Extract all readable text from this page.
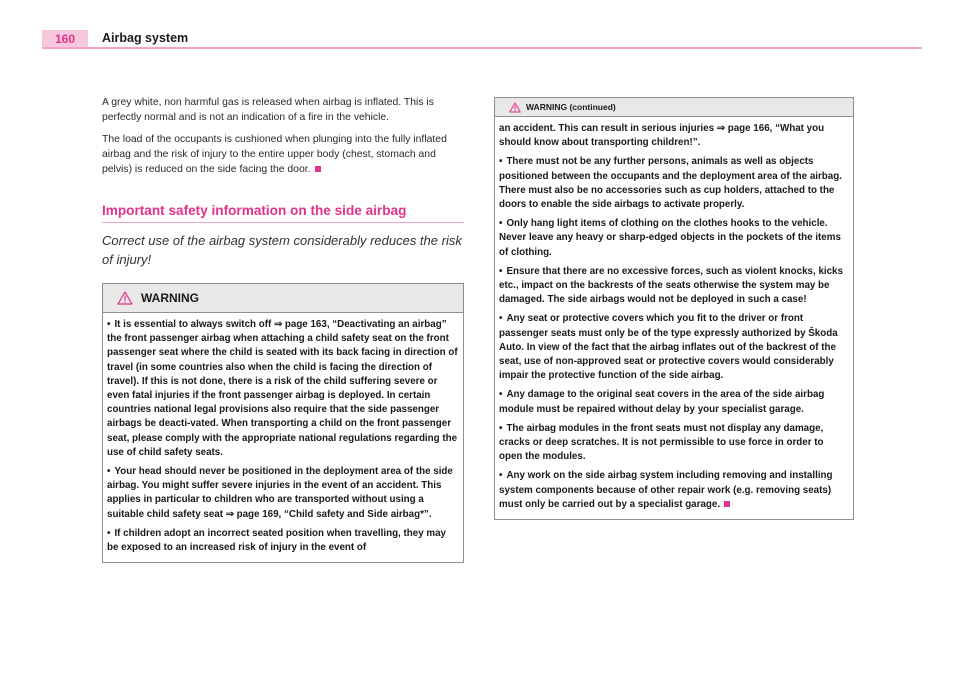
160	Airbag system

A grey white, non harmful gas is released when airbag is inflated. This is perfectly normal and is not an indication of a fire in the vehicle.

The load of the occupants is cushioned when plunging into the fully inflated airbag and the risk of injury to the entire upper body (chest, stomach and pelvis) is reduced on the side facing the door.

Important safety information on the side airbag
Correct use of the airbag system considerably reduces the risk of injury!
WARNING

• It is essential to always switch off ⇒ page 163, “Deactivating an airbag” the front passenger airbag when attaching a child safety seat on the front passenger seat where the child is seated with its back facing in direction of travel (in some countries also when the child is facing the direction of travel). If this is not done, there is a risk of the child suffering severe or even fatal injuries if the front passenger airbag is deployed. In certain countries national legal provisions also require that the side passenger airbags be deacti-vated. When transporting a child on the front passenger seat, please comply with the appropriate national regulations regarding the use of child safety seats.

• Your head should never be positioned in the deployment area of the side airbag. You might suffer severe injuries in the event of an accident. This applies in particular to children who are transported without using a suitable child safety seat ⇒ page 169, “Child safety and Side airbag*”.

• If children adopt an incorrect seated position when travelling, they may be exposed to an increased risk of injury in the event of

WARNING (continued)

an accident. This can result in serious injuries ⇒ page 166, “What you should know about transporting children!”.

• There must not be any further persons, animals as well as objects positioned between the occupants and the deployment area of the airbag. There must also be no accessories such as cup holders, attached to the doors to enable the side airbags to activate properly.

• Only hang light items of clothing on the clothes hooks to the vehicle. Never leave any heavy or sharp-edged objects in the pockets of the items of clothing.

• Ensure that there are no excessive forces, such as violent knocks, kicks etc., impact on the backrests of the seats otherwise the system may be damaged. The side airbags would not be deployed in such a case!

• Any seat or protective covers which you fit to the driver or front passenger seats must only be of the type expressly authorized by Škoda Auto. In view of the fact that the airbag inflates out of the backrest of the seat, use of non-approved seat or protective covers would considerably impair the protective function of the side airbag.

• Any damage to the original seat covers in the area of the side airbag module must be repaired without delay by your specialist garage.

• The airbag modules in the front seats must not display any damage, cracks or deep scratches. It is not permissible to use force in order to open the modules.

• Any work on the side airbag system including removing and installing system components because of other repair work (e.g. removing seats) must only be carried out by a specialist garage.
